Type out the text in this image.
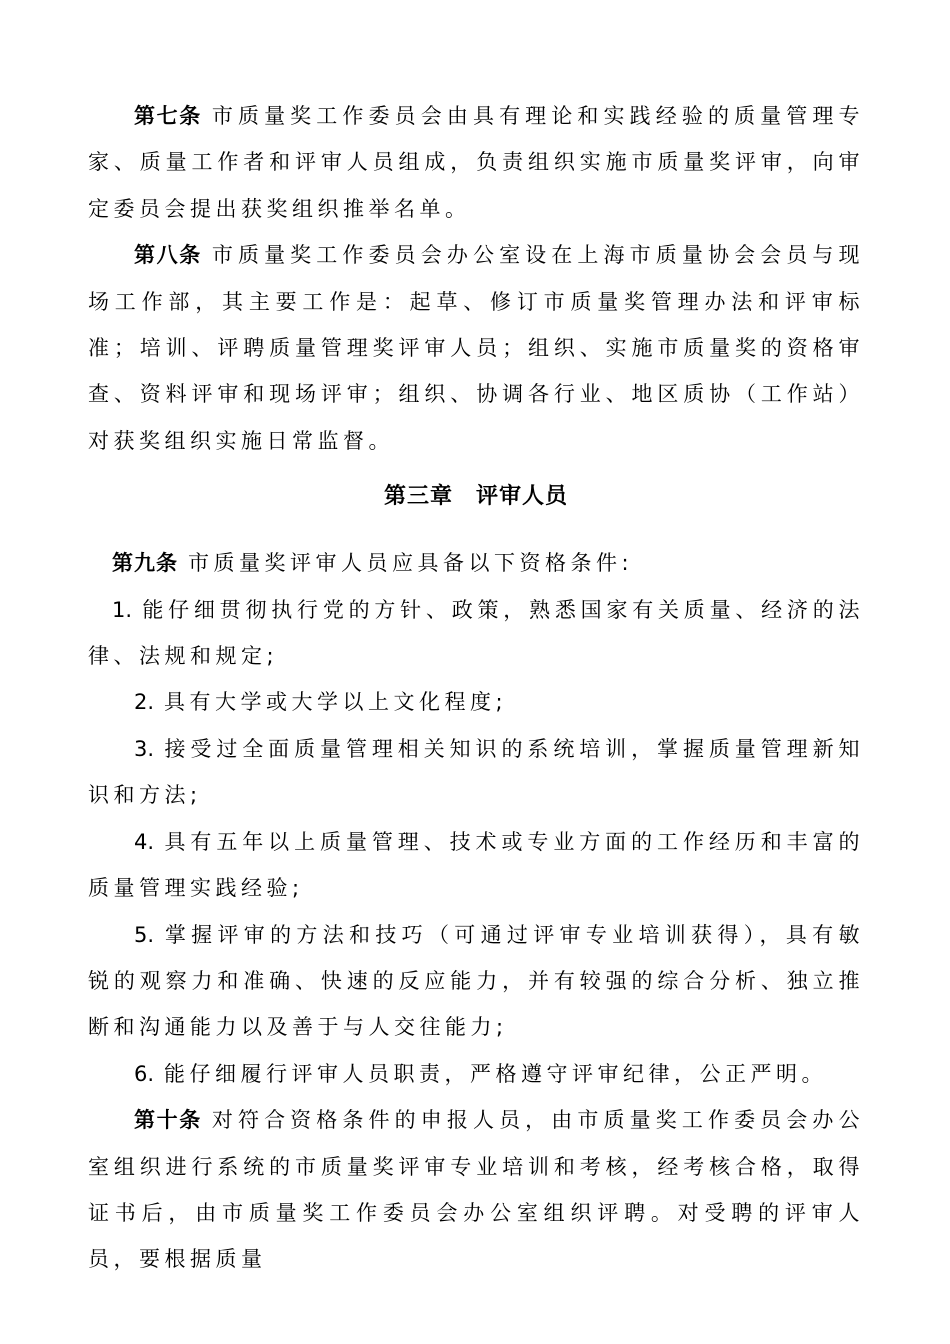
第七条 市质量奖工作委员会由具有理论和实践经验的质量管理专家、质量工作者和评审人员组成，负责组织实施市质量奖评审，向审定委员会提出获奖组织推举名单。

第八条 市质量奖工作委员会办公室设在上海市质量协会会员与现场工作部，其主要工作是：起草、修订市质量奖管理办法和评审标准；培训、评聘质量管理奖评审人员；组织、实施市质量奖的资格审查、资料评审和现场评审；组织、协调各行业、地区质协（工作站）对获奖组织实施日常监督。

第三章　评审人员

第九条 市质量奖评审人员应具备以下资格条件:

1. 能仔细贯彻执行党的方针、政策，熟悉国家有关质量、经济的法律、法规和规定;

2. 具有大学或大学以上文化程度;

3. 接受过全面质量管理相关知识的系统培训，掌握质量管理新知识和方法;

4. 具有五年以上质量管理、技术或专业方面的工作经历和丰富的质量管理实践经验;

5. 掌握评审的方法和技巧（可通过评审专业培训获得），具有敏锐的观察力和准确、快速的反应能力，并有较强的综合分析、独立推断和沟通能力以及善于与人交往能力;

6. 能仔细履行评审人员职责，严格遵守评审纪律，公正严明。

第十条 对符合资格条件的申报人员，由市质量奖工作委员会办公室组织进行系统的市质量奖评审专业培训和考核，经考核合格，取得证书后，由市质量奖工作委员会办公室组织评聘。对受聘的评审人员，要根据质量
